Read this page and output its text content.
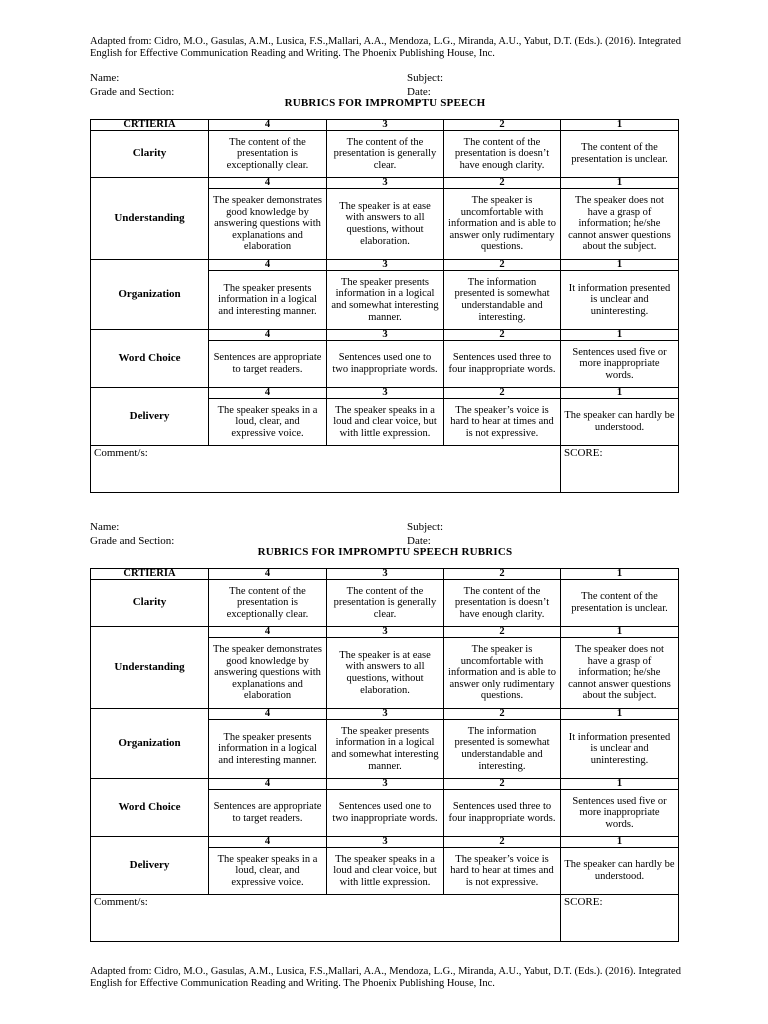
Adapted from: Cidro, M.O., Gasulas, A.M., Lusica, F.S.,Mallari, A.A., Mendoza, L.G., Miranda, A.U., Yabut, D.T. (Eds.). (2016). Integrated English for Effective Communication Reading and Writing. The Phoenix Publishing House, Inc.
Name:
Grade and Section:
Subject:
Date:
RUBRICS FOR IMPROMPTU SPEECH
CRTIERIA	4	3	2	1
Clarity	The content of the presentation is exceptionally clear.	The content of the presentation is generally clear.	The content of the presentation is doesn’t have enough clarity.	The content of the presentation is unclear.

Understanding	4	3	2	1

	The speaker demonstrates good knowledge by answering questions with explanations and elaboration	The speaker is at ease with answers to all questions, without elaboration.	The speaker is uncomfortable with information and is able to answer only rudimentary questions.	The speaker does not have a grasp of information; he/she cannot answer questions about the subject.

Organization	4	3	2	1

	The speaker presents information in a logical and interesting manner.	The speaker presents information in a logical and somewhat interesting manner.	The information presented is somewhat understandable and interesting.	It information presented is unclear and uninteresting.

Word Choice	4	3	2	1

	Sentences are appropriate to target readers.	Sentences used one to two inappropriate words.	Sentences used three to four inappropriate words.	Sentences used five or more inappropriate words.

Delivery	4	3	2	1

	The speaker speaks in a loud, clear, and expressive voice.	The speaker speaks in a loud and clear voice, but with little expression.	The speaker’s voice is hard to hear at times and is not expressive.	The speaker can hardly be understood.

Comment/s:				SCORE:
Name:
Grade and Section:
Subject:
Date:
RUBRICS FOR IMPROMPTU SPEECH RUBRICS
CRTIERIA	4	3	2	1
Clarity	The content of the presentation is exceptionally clear.	The content of the presentation is generally clear.	The content of the presentation is doesn’t have enough clarity.	The content of the presentation is unclear.

Understanding	4	3	2	1

	The speaker demonstrates good knowledge by answering questions with explanations and elaboration	The speaker is at ease with answers to all questions, without elaboration.	The speaker is uncomfortable with information and is able to answer only rudimentary questions.	The speaker does not have a grasp of information; he/she cannot answer questions about the subject.

Organization	4	3	2	1

	The speaker presents information in a logical and interesting manner.	The speaker presents information in a logical and somewhat interesting manner.	The information presented is somewhat understandable and interesting.	It information presented is unclear and uninteresting.

Word Choice	4	3	2	1

	Sentences are appropriate to target readers.	Sentences used one to two inappropriate words.	Sentences used three to four inappropriate words.	Sentences used five or more inappropriate words.

Delivery	4	3	2	1

	The speaker speaks in a loud, clear, and expressive voice.	The speaker speaks in a loud and clear voice, but with little expression.	The speaker’s voice is hard to hear at times and is not expressive.	The speaker can hardly be understood.

Comment/s:				SCORE:
Adapted from: Cidro, M.O., Gasulas, A.M., Lusica, F.S.,Mallari, A.A., Mendoza, L.G., Miranda, A.U., Yabut, D.T. (Eds.). (2016). Integrated English for Effective Communication Reading and Writing. The Phoenix Publishing House, Inc.
